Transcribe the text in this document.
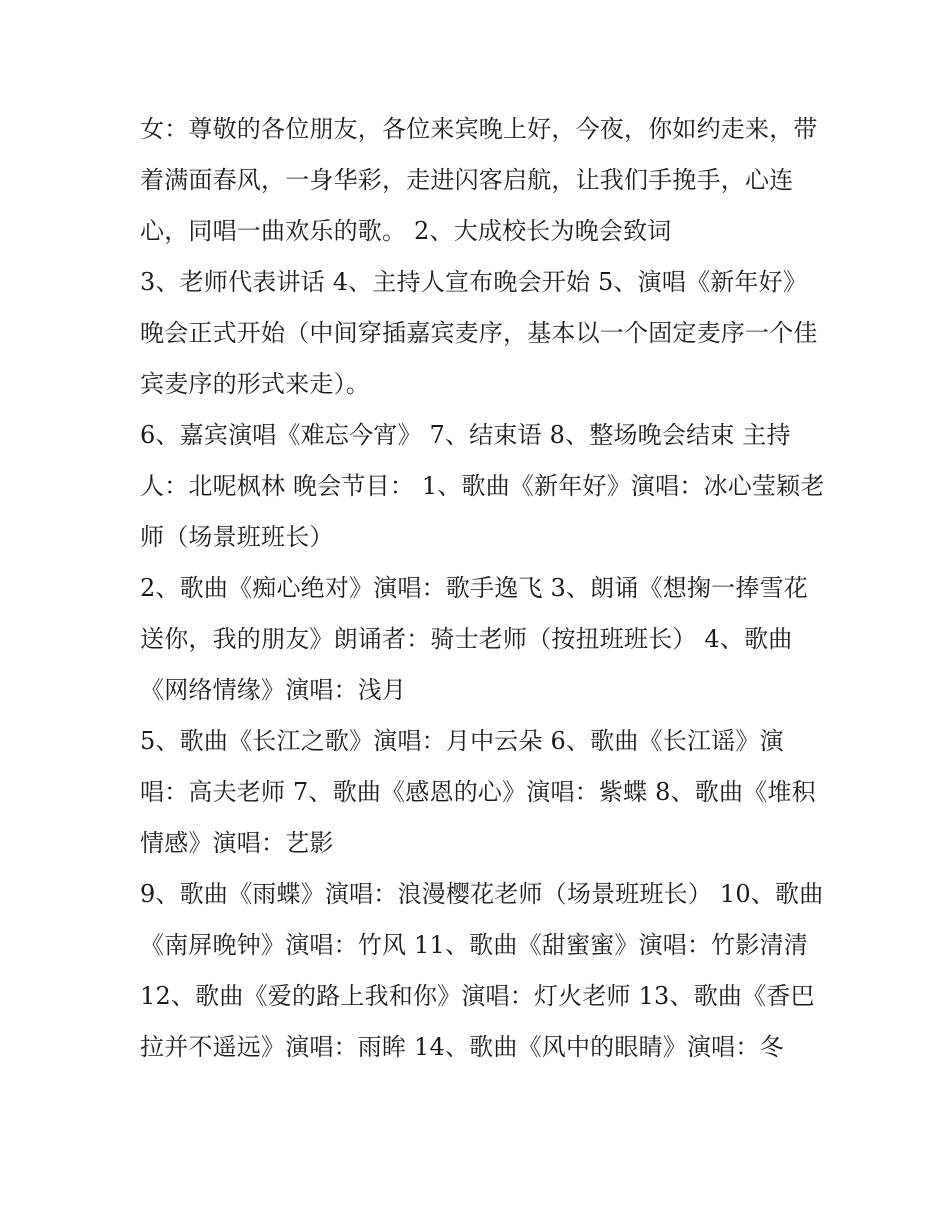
女：尊敬的各位朋友，各位来宾晚上好，今夜，你如约走来，带着满面春风，一身华彩，走进闪客启航，让我们手挽手，心连心，同唱一曲欢乐的歌。 2、大成校长为晚会致词

3、老师代表讲话 4、主持人宣布晚会开始 5、演唱《新年好》晚会正式开始（中间穿插嘉宾麦序，基本以一个固定麦序一个佳宾麦序的形式来走）。

6、嘉宾演唱《难忘今宵》 7、结束语 8、整场晚会结束 主持人：北呢枫林 晚会节目： 1、歌曲《新年好》演唱：冰心莹颖老师（场景班班长）

2、歌曲《痴心绝对》演唱：歌手逸飞 3、朗诵《想掬一捧雪花送你，我的朋友》朗诵者：骑士老师（按扭班班长） 4、歌曲《网络情缘》演唱：浅月

5、歌曲《长江之歌》演唱：月中云朵 6、歌曲《长江谣》演唱：高夫老师 7、歌曲《感恩的心》演唱：紫蝶 8、歌曲《堆积情感》演唱：艺影

9、歌曲《雨蝶》演唱：浪漫樱花老师（场景班班长） 10、歌曲《南屏晚钟》演唱：竹风 11、歌曲《甜蜜蜜》演唱：竹影清清

12、歌曲《爱的路上我和你》演唱：灯火老师 13、歌曲《香巴拉并不遥远》演唱：雨眸 14、歌曲《风中的眼睛》演唱：冬
